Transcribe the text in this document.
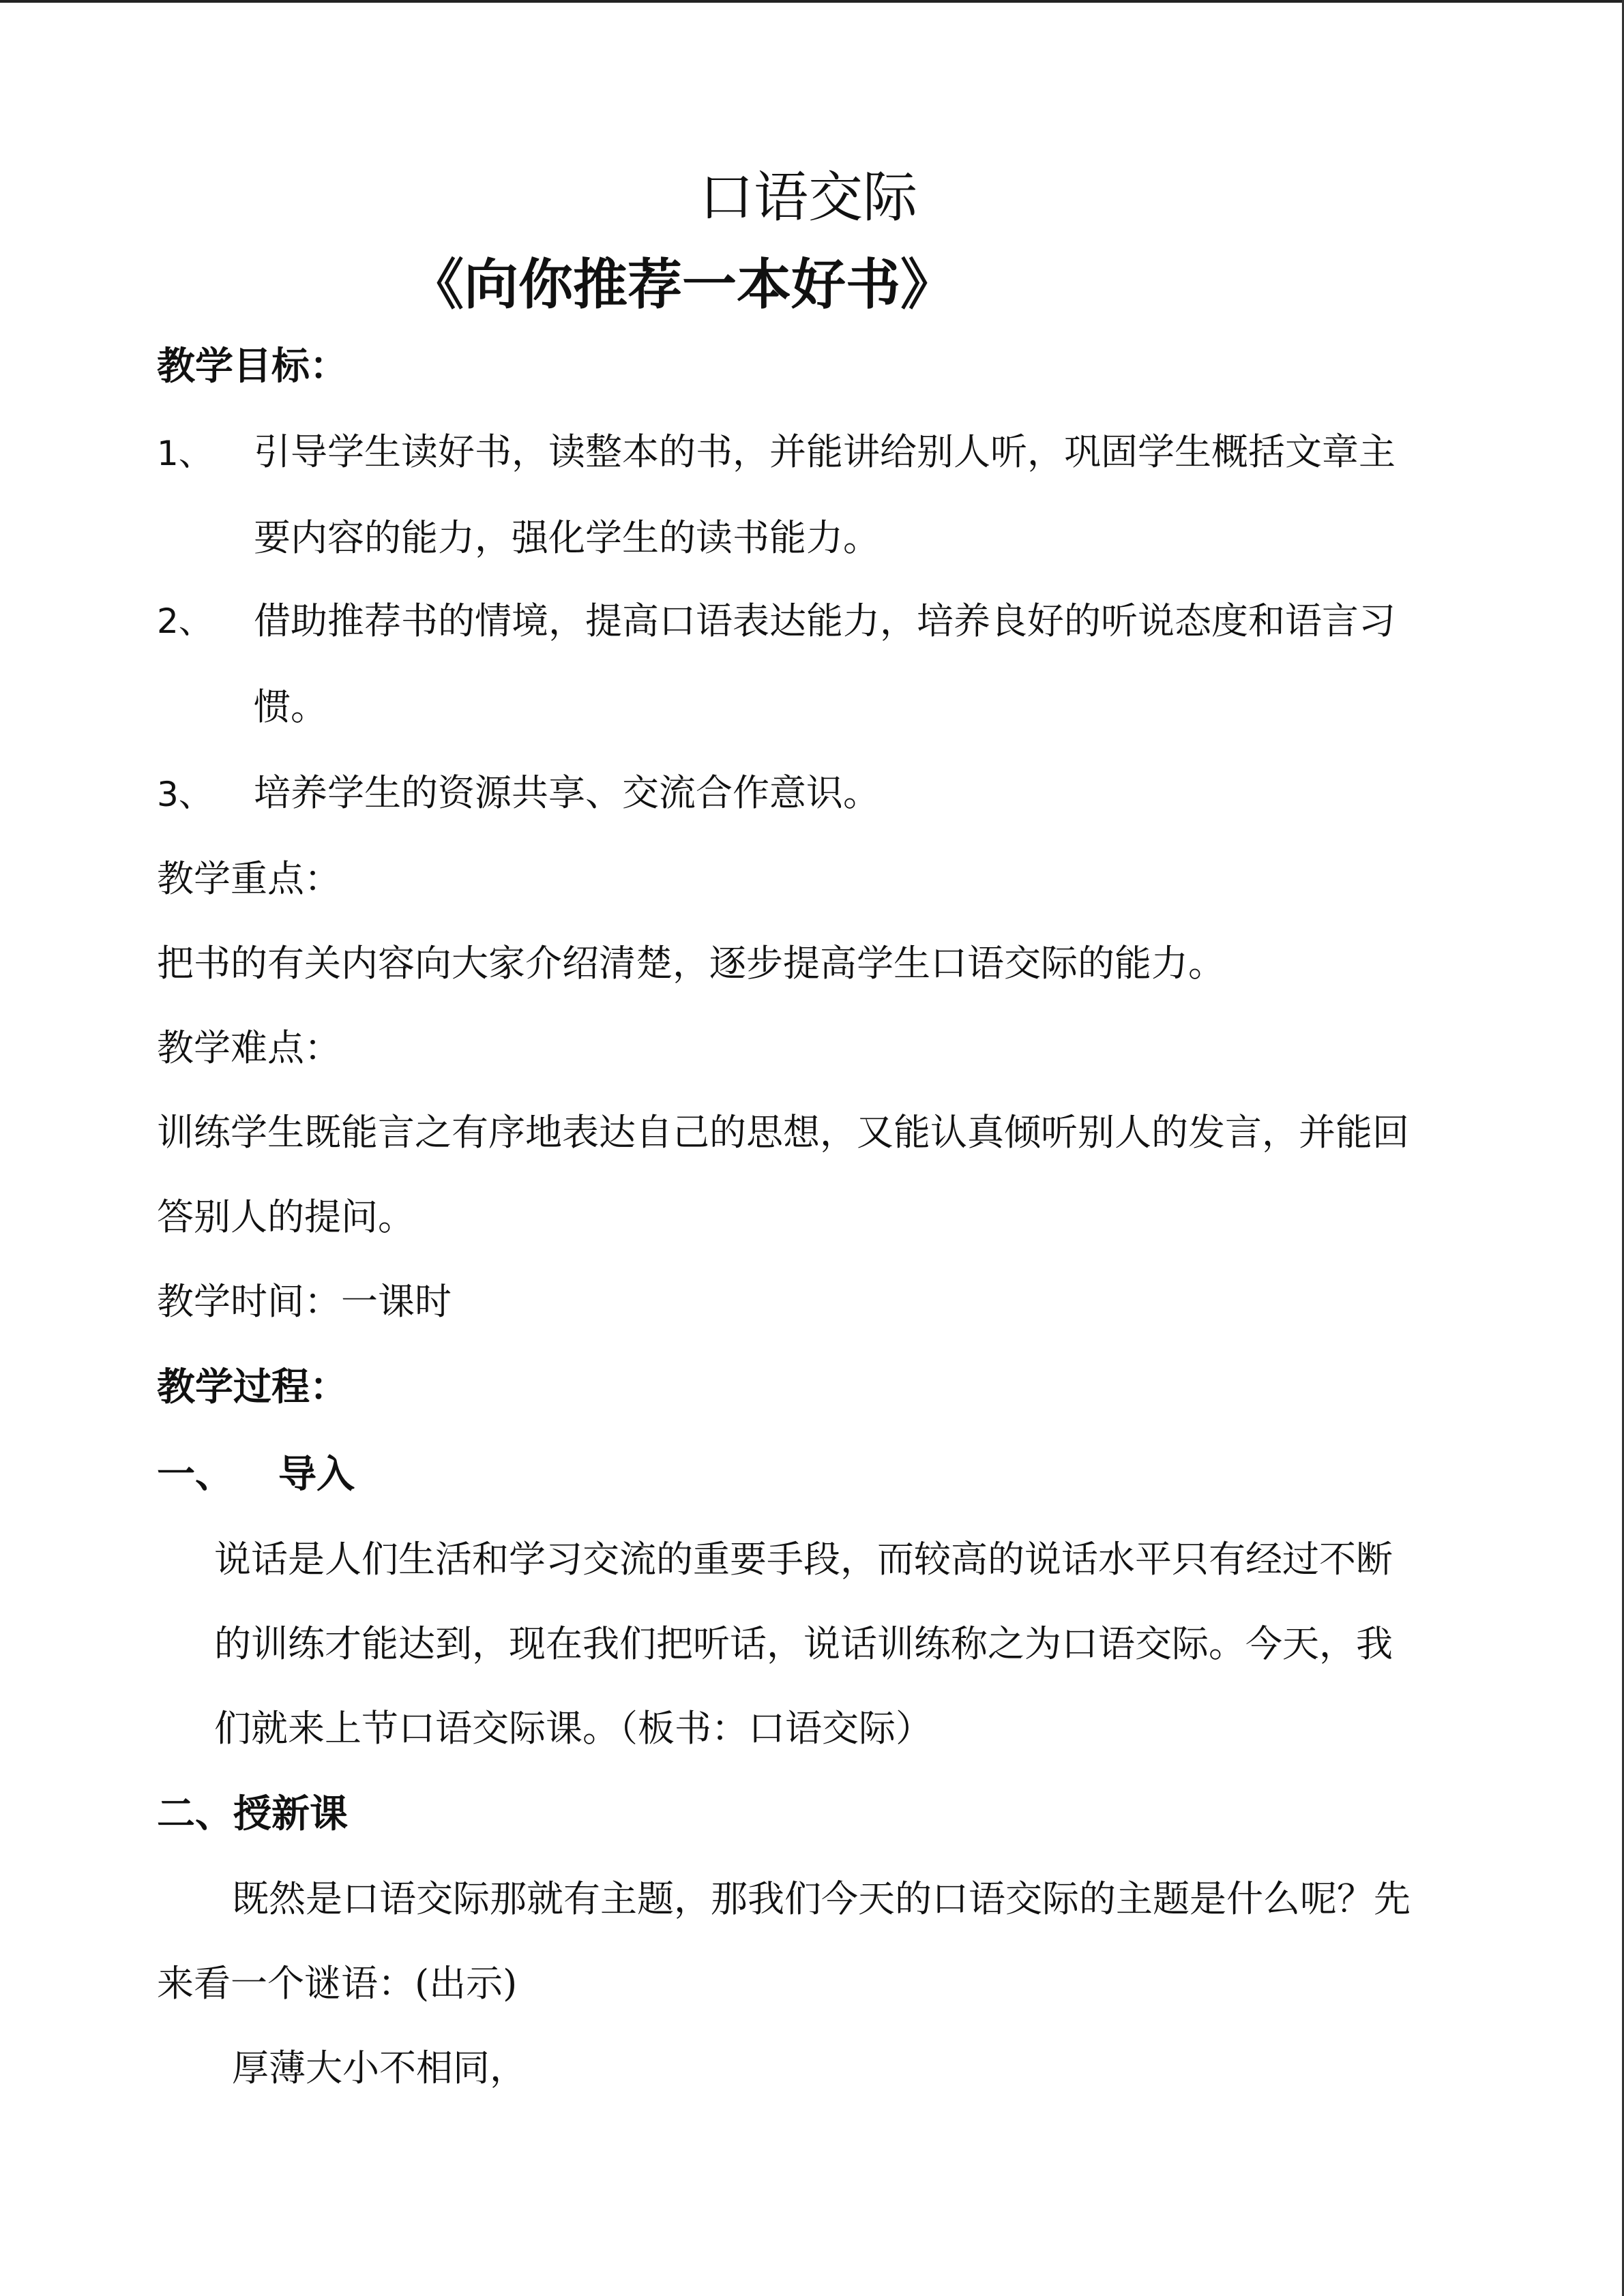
口语交际
《向你推荐一本好书》
教学目标：
1、 引导学生读好书，读整本的书，并能讲给别人听，巩固学生概括文章主
要内容的能力，强化学生的读书能力。
2、 借助推荐书的情境，提高口语表达能力，培养良好的听说态度和语言习
惯。
3、 培养学生的资源共享、交流合作意识。
教学重点：
把书的有关内容向大家介绍清楚，逐步提高学生口语交际的能力。
教学难点：
训练学生既能言之有序地表达自己的思想，又能认真倾听别人的发言，并能回
答别人的提问。
教学时间：一课时
教学过程：
一、 导入
说话是人们生活和学习交流的重要手段，而较高的说话水平只有经过不断
的训练才能达到，现在我们把听话，说话训练称之为口语交际。今天，我
们就来上节口语交际课。（板书：口语交际）
二、授新课
既然是口语交际那就有主题，那我们今天的口语交际的主题是什么呢？先
来看一个谜语：(出示)
厚薄大小不相同，
